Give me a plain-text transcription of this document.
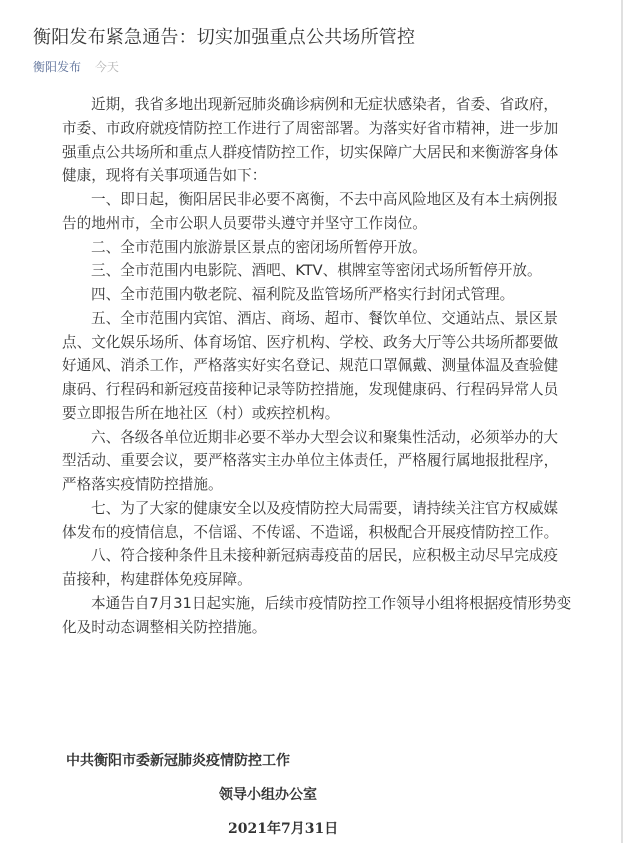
衡阳发布紧急通告：切实加强重点公共场所管控
衡阳发布 今天

近期，我省多地出现新冠肺炎确诊病例和无症状感染者，省委、省政府，市委、市政府就疫情防控工作进行了周密部署。为落实好省市精神，进一步加强重点公共场所和重点人群疫情防控工作，切实保障广大居民和来衡游客身体健康，现将有关事项通告如下：

一、即日起，衡阳居民非必要不离衡，不去中高风险地区及有本土病例报告的地州市，全市公职人员要带头遵守并坚守工作岗位。

二、全市范围内旅游景区景点的密闭场所暂停开放。

三、全市范围内电影院、酒吧、KTV、棋牌室等密闭式场所暂停开放。

四、全市范围内敬老院、福利院及监管场所严格实行封闭式管理。

五、全市范围内宾馆、酒店、商场、超市、餐饮单位、交通站点、景区景点、文化娱乐场所、体育场馆、医疗机构、学校、政务大厅等公共场所都要做好通风、消杀工作，严格落实好实名登记、规范口罩佩戴、测量体温及查验健康码、行程码和新冠疫苗接种记录等防控措施，发现健康码、行程码异常人员要立即报告所在地社区（村）或疾控机构。

六、各级各单位近期非必要不举办大型会议和聚集性活动，必须举办的大型活动、重要会议，要严格落实主办单位主体责任，严格履行属地报批程序，严格落实疫情防控措施。

七、为了大家的健康安全以及疫情防控大局需要，请持续关注官方权威媒体发布的疫情信息，不信谣、不传谣、不造谣，积极配合开展疫情防控工作。

八、符合接种条件且未接种新冠病毒疫苗的居民，应积极主动尽早完成疫苗接种，构建群体免疫屏障。

本通告自7月31日起实施，后续市疫情防控工作领导小组将根据疫情形势变化及时动态调整相关防控措施。

中共衡阳市委新冠肺炎疫情防控工作
领导小组办公室
2021年7月31日
